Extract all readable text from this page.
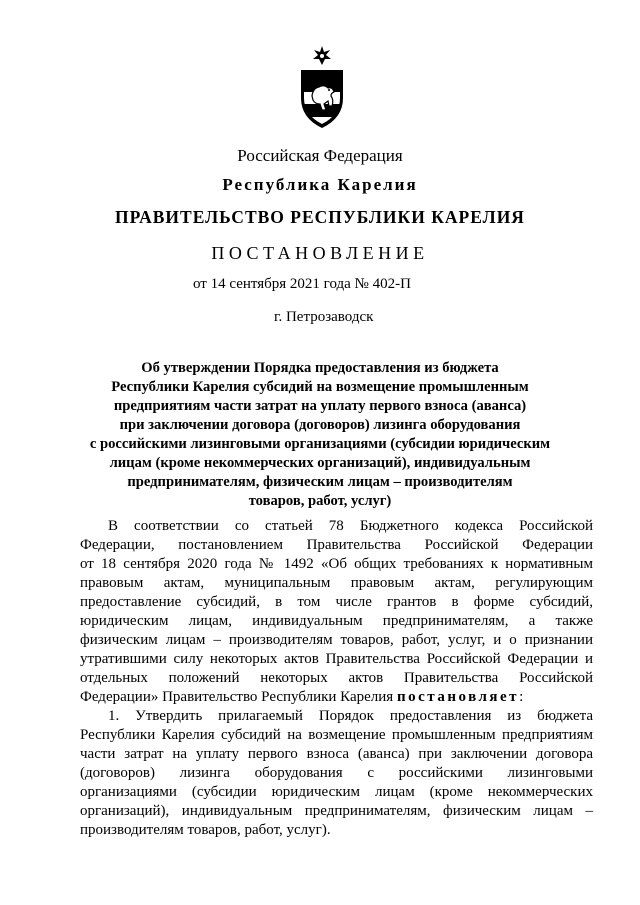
Российская Федерация
Республика Карелия
ПРАВИТЕЛЬСТВО РЕСПУБЛИКИ КАРЕЛИЯ
ПОСТАНОВЛЕНИЕ
от 14 сентября 2021 года № 402-П
г. Петрозаводск
Об утверждении Порядка предоставления из бюджета
Республики Карелия субсидий на возмещение промышленным
предприятиям части затрат на уплату первого взноса (аванса)
при заключении договора (договоров) лизинга оборудования
с российскими лизинговыми организациями (субсидии юридическим
лицам (кроме некоммерческих организаций), индивидуальным
предпринимателям, физическим лицам – производителям
товаров, работ, услуг)
В соответствии со статьей 78 Бюджетного кодекса Российской
Федерации, постановлением Правительства Российской Федерации
от 18 сентября 2020 года № 1492 «Об общих требованиях к нормативным
правовым актам, муниципальным правовым актам, регулирующим
предоставление субсидий, в том числе грантов в форме субсидий,
юридическим лицам, индивидуальным предпринимателям, а также
физическим лицам – производителям товаров, работ, услуг, и о признании
утратившими силу некоторых актов Правительства Российской Федерации и
отдельных положений некоторых актов Правительства Российской
Федерации» Правительство Республики Карелия постановляет:
1. Утвердить прилагаемый Порядок предоставления из бюджета
Республики Карелия субсидий на возмещение промышленным предприятиям
части затрат на уплату первого взноса (аванса) при заключении договора
(договоров) лизинга оборудования с российскими лизинговыми
организациями (субсидии юридическим лицам (кроме некоммерческих
организаций), индивидуальным предпринимателям, физическим лицам –
производителям товаров, работ, услуг).
